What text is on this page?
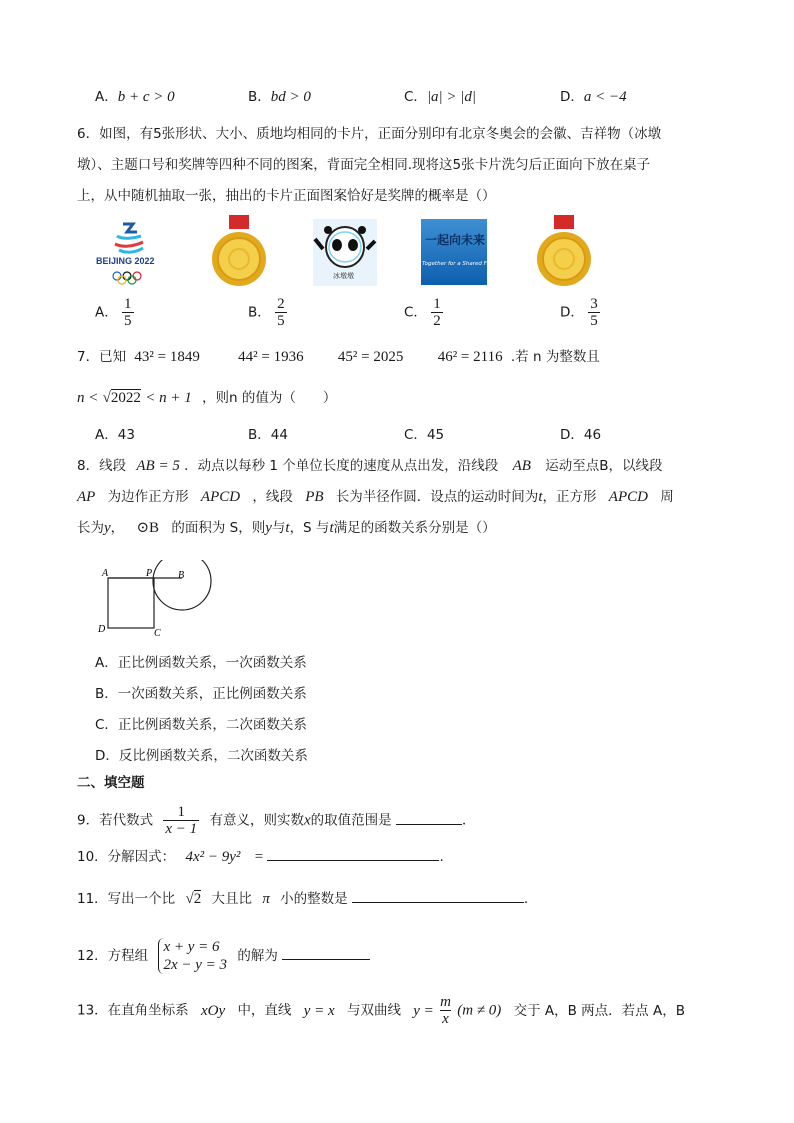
A．b + c > 0	B．bd > 0	C．|a| > |d|	D．a < −4
6．如图，有5张形状、大小、质地均相同的卡片，正面分别印有北京冬奥会的会徽、吉祥物（冰墩
墩）、主题口号和奖牌等四种不同的图案，背面完全相同.现将这5张卡片洗匀后正面向下放在桌子
上，从中随机抽取一张，抽出的卡片正面图案恰好是奖牌的概率是（）
BEIJING 2022
冰墩墩
一起向未来
Together for a Shared Future
A． $\frac{1}{5}$	B． $\frac{2}{5}$	C． $\frac{1}{2}$	D． $\frac{3}{5}$
7．已知 43² = 1849	44² = 1936 45² = 2025 46² = 2116 .若 n 为整数且
n < √2022 < n + 1 ，则n 的值为（　　）
A．43	B．44	C．45	D．46
8．线段 AB = 5 ．动点以每秒 1 个单位长度的速度从点出发，沿线段 AB 运动至点B，以线段
AP 为边作正方形 APCD ，线段 PB 长为半径作圆．设点的运动时间为t，正方形 APCD 周
长为y， ⊙B 的面积为 S，则y与t，S 与t满足的函数关系分别是（）
A	P	B
D	C
A．正比例函数关系，一次函数关系
B．一次函数关系，正比例函数关系
C．正比例函数关系，二次函数关系
D．反比例函数关系，二次函数关系
二、填空题
9．若代数式 $\frac{1}{x - 1}$ 有意义，则实数x的取值范围是	．
10．分解因式： 4x² − 9y² =	.
11．写出一个比 √2 大且比 π 小的整数是	.
12．方程组
x + y = 6
2x − y = 3
的解为
13．在直角坐标系 xOy 中，直线 y = x 与双曲线 $y = \frac{m}{x} (m \ne 0)$ 交于 A，B 两点．若点 A，B
